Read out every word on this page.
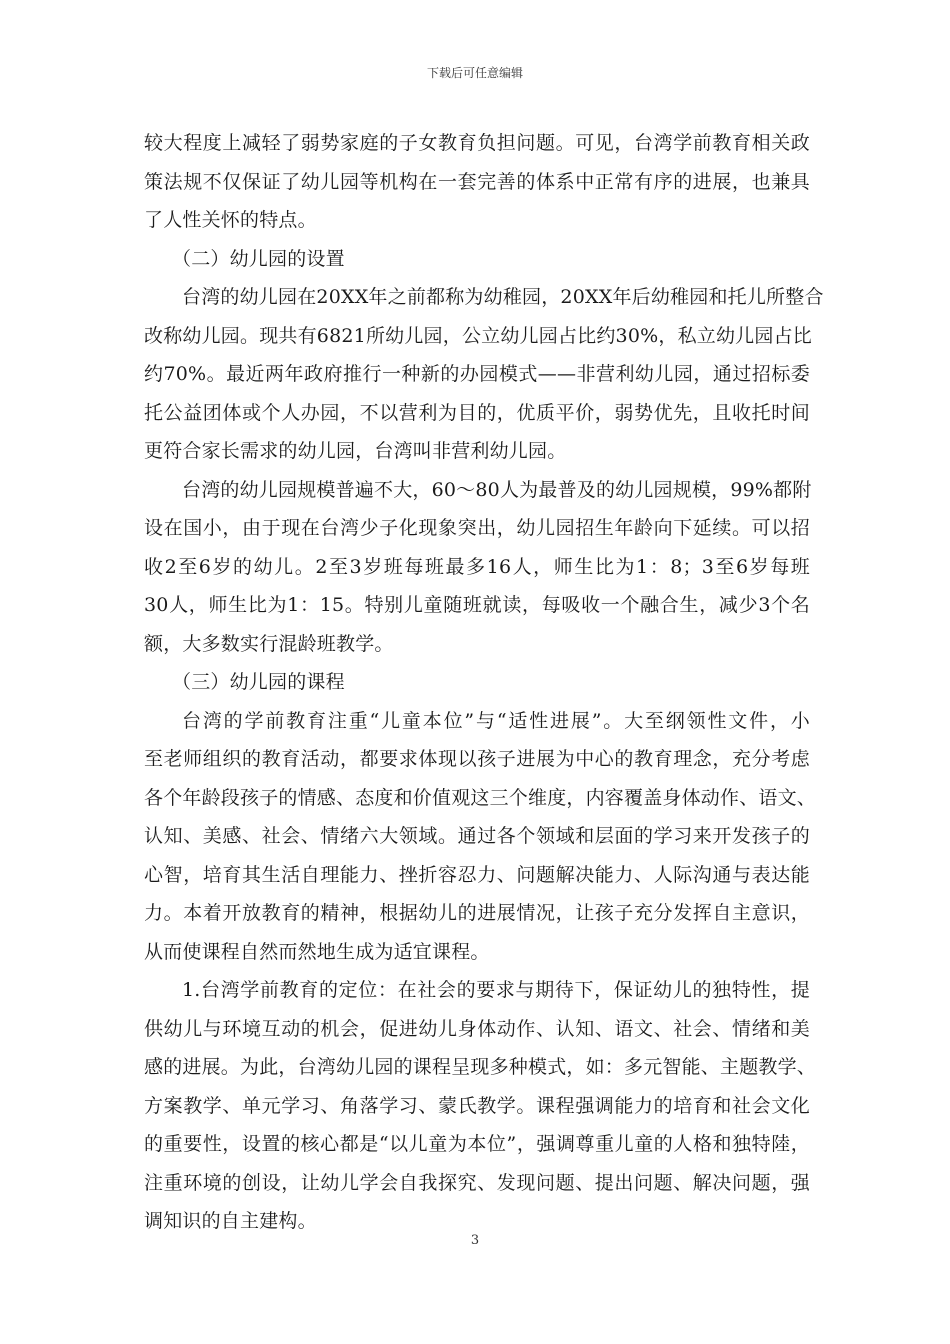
下载后可任意编辑
较大程度上减轻了弱势家庭的子女教育负担问题。可见，台湾学前教育相关政
策法规不仅保证了幼儿园等机构在一套完善的体系中正常有序的进展，也兼具
了人性关怀的特点。
（二）幼儿园的设置
台湾的幼儿园在20XX年之前都称为幼稚园，20XX年后幼稚园和托儿所整合
改称幼儿园。现共有6821所幼儿园，公立幼儿园占比约30%，私立幼儿园占比
约70%。最近两年政府推行一种新的办园模式——非营利幼儿园，通过招标委
托公益团体或个人办园，不以营利为目的，优质平价，弱势优先，且收托时间
更符合家长需求的幼儿园，台湾叫非营利幼儿园。
台湾的幼儿园规模普遍不大，60～80人为最普及的幼儿园规模，99%都附
设在国小，由于现在台湾少子化现象突出，幼儿园招生年龄向下延续。可以招
收2至6岁的幼儿。2至3岁班每班最多16人，师生比为1：8；3至6岁每班
30人，师生比为1：15。特别儿童随班就读，每吸收一个融合生，减少3个名
额，大多数实行混龄班教学。
（三）幼儿园的课程
台湾的学前教育注重“儿童本位”与“适性进展”。大至纲领性文件，小
至老师组织的教育活动，都要求体现以孩子进展为中心的教育理念，充分考虑
各个年龄段孩子的情感、态度和价值观这三个维度，内容覆盖身体动作、语文、
认知、美感、社会、情绪六大领域。通过各个领域和层面的学习来开发孩子的
心智，培育其生活自理能力、挫折容忍力、问题解决能力、人际沟通与表达能
力。本着开放教育的精神，根据幼儿的进展情况，让孩子充分发挥自主意识，
从而使课程自然而然地生成为适宜课程。
1.台湾学前教育的定位：在社会的要求与期待下，保证幼儿的独特性，提
供幼儿与环境互动的机会，促进幼儿身体动作、认知、语文、社会、情绪和美
感的进展。为此，台湾幼儿园的课程呈现多种模式，如：多元智能、主题教学、
方案教学、单元学习、角落学习、蒙氏教学。课程强调能力的培育和社会文化
的重要性，设置的核心都是“以儿童为本位”，强调尊重儿童的人格和独特陸，
注重环境的创设，让幼儿学会自我探究、发现问题、提出问题、解决问题，强
调知识的自主建构。
3
